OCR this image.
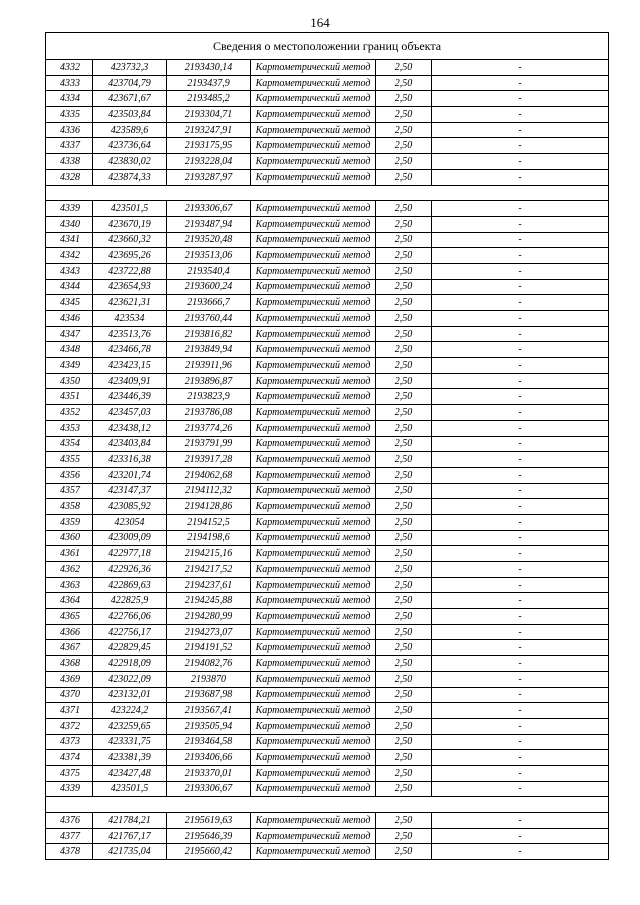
164
Сведения о местоположении границ объекта					
4332	423732,3	2193430,14	Картометрический метод	2,50	-
4333	423704,79	2193437,9	Картометрический метод	2,50	-
4334	423671,67	2193485,2	Картометрический метод	2,50	-
4335	423503,84	2193304,71	Картометрический метод	2,50	-
4336	423589,6	2193247,91	Картометрический метод	2,50	-
4337	423736,64	2193175,95	Картометрический метод	2,50	-
4338	423830,02	2193228,04	Картометрический метод	2,50	-
4328	423874,33	2193287,97	Картометрический метод	2,50	-

4339	423501,5	2193306,67	Картометрический метод	2,50	-
4340	423670,19	2193487,94	Картометрический метод	2,50	-
4341	423660,32	2193520,48	Картометрический метод	2,50	-
4342	423695,26	2193513,06	Картометрический метод	2,50	-
4343	423722,88	2193540,4	Картометрический метод	2,50	-
4344	423654,93	2193600,24	Картометрический метод	2,50	-
4345	423621,31	2193666,7	Картометрический метод	2,50	-
4346	423534	2193760,44	Картометрический метод	2,50	-
4347	423513,76	2193816,82	Картометрический метод	2,50	-
4348	423466,78	2193849,94	Картометрический метод	2,50	-
4349	423423,15	2193911,96	Картометрический метод	2,50	-
4350	423409,91	2193896,87	Картометрический метод	2,50	-
4351	423446,39	2193823,9	Картометрический метод	2,50	-
4352	423457,03	2193786,08	Картометрический метод	2,50	-
4353	423438,12	2193774,26	Картометрический метод	2,50	-
4354	423403,84	2193791,99	Картометрический метод	2,50	-
4355	423316,38	2193917,28	Картометрический метод	2,50	-
4356	423201,74	2194062,68	Картометрический метод	2,50	-
4357	423147,37	2194112,32	Картометрический метод	2,50	-
4358	423085,92	2194128,86	Картометрический метод	2,50	-
4359	423054	2194152,5	Картометрический метод	2,50	-
4360	423009,09	2194198,6	Картометрический метод	2,50	-
4361	422977,18	2194215,16	Картометрический метод	2,50	-
4362	422926,36	2194217,52	Картометрический метод	2,50	-
4363	422869,63	2194237,61	Картометрический метод	2,50	-
4364	422825,9	2194245,88	Картометрический метод	2,50	-
4365	422766,06	2194280,99	Картометрический метод	2,50	-
4366	422756,17	2194273,07	Картометрический метод	2,50	-
4367	422829,45	2194191,52	Картометрический метод	2,50	-
4368	422918,09	2194082,76	Картометрический метод	2,50	-
4369	423022,09	2193870	Картометрический метод	2,50	-
4370	423132,01	2193687,98	Картометрический метод	2,50	-
4371	423224,2	2193567,41	Картометрический метод	2,50	-
4372	423259,65	2193505,94	Картометрический метод	2,50	-
4373	423331,75	2193464,58	Картометрический метод	2,50	-
4374	423381,39	2193406,66	Картометрический метод	2,50	-
4375	423427,48	2193370,01	Картометрический метод	2,50	-
4339	423501,5	2193306,67	Картометрический метод	2,50	-

4376	421784,21	2195619,63	Картометрический метод	2,50	-
4377	421767,17	2195646,39	Картометрический метод	2,50	-
4378	421735,04	2195660,42	Картометрический метод	2,50	-
